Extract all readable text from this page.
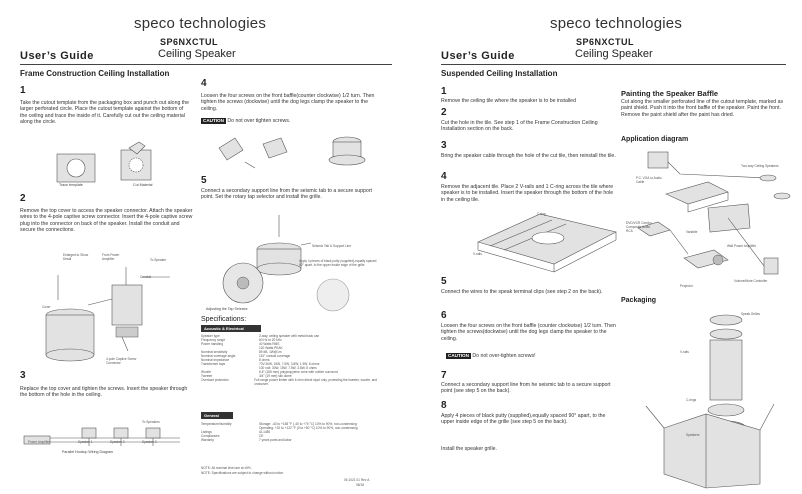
speco technologies
SP6NXCTUL
Ceiling Speaker
User’s Guide
Frame Construction Ceiling Installation
1
Take the cutout template from the packaging box and punch out along the larger perforated circle. Place the cutout template against the bottom of the ceiling and trace the inside of it. Carefully cut out the ceiling material along the circle.
Trace template	Cut Material
2
Remove the top cover to access the speaker connector. Attach the speaker wires to the 4-pole captive screw connector. Insert the 4-pole captive screw plug into the connector on back of the speaker. Install the conduit and secure the connections.
Enlarged to Show Detail
From Power Amplifier	To Speaker
Conduit
Cover
4-pole Captive Screw Connector
3
Replace the top cover and tighten the screws. Insert the speaker through the bottom of the hole in the ceiling.
To Speakers
Power Amplifier	Speaker 1	Speaker 2	Speaker 3
Parallel Hookup Wiring Diagram
4
Loosen the four screws on the front baffle(counter clockwise) 1/2 turn. Then tighten the screws (dockwise) until the dog legs clamp the speaker to the ceiling.
CAUTION Do not over tighten screws.
5
Connect a secondary support line from the seismic tab to a secure support point. Set the rotary tap selector and install the grille.
Seismic Tab & Support Line
Apply 4 pieces of black putty (supplied),equally spaced 90° apart, to the upper inside edge of the grille.
Adjusting the Tap Selector
Specifications:
Acoustic & Electrical
Speaker type	2-way, ceiling speaker with metal back can
Frequency range	60 Hz to 20 kHz
Power handling	40 Watts RMS
120 Watts PEAK
Nominal sensitivity	89 dB, 1W@1m
Nominal coverage angle	110° conical coverage
Nominal impedance	8 ohms
Transformer taps	70V:30W, 15W, 7.5W, 3.8W, 1.9W, 8 ohms
100 volt: 30W, 15W, 7.5W, 3.8W, 8 ohms
Woofer	6.5" (165 mm) polypropylene cone with rubber surround
Tweeter	3/4" (19 mm) silk dome
Overload protection	Full range power limiter with 6 ohm direct input only, protecting the tweeter, woofer, and crossover.
General
Temperature/humidity	Storage: -40 to +158 °F (-40 to +70 °C) 10% to 90%, non-condensing
Operating: +32 to +122 °F (0 to +50 °C) 10% to 90%, non-condensing
Listings	UL1480
Compliances	CE
Warranty	7 years parts and labor
NOTE: All nominal level are at ±5%.
NOTE: Specifications are subject to change without notice.
06 1021 01 Rev A
08/18
speco technologies
SP6NXCTUL
Ceiling Speaker
User’s Guide
Suspended Ceiling Installation
1
Remove the ceiling tile where the speaker is to be installed
2
Cut the hole in the tile. See step 1 of the Frame Construction Ceiling Installation section on the back.
3
Bring the speaker cable through the hole of the cut tile, then reinstall the tile.
4
Remove the adjacent tile. Place 2 V-rails and 1 C-ring across the tile where speaker is to be installed. Insert the speaker through the bottom of the hole in the ceiling tile.
C-ring
V-rails
5
Connect the wires to the speak terminal clips (see step 2 on the back).
6
Loosen the four screws on the front baffle (counter clockwise) 1/2 turn. Then tighten the screws(dockwise) until the dog legs clamp the speaker to the ceiling.
CAUTION Do not over-tighten screws!
7
Connect a secondary support line from he seismic tab to a secure support point (see step 5 on the back).
8
Apply 4 pieces of black putty (supplied),equally spaced 90° apart, to the upper inside edge of the grille (see step 5 on the back).
Install the speaker grille.
Painting the Speaker Baffle
Cut along the smaller perforated line of the cutout template, marked as paint shield. Push it into the front baffle of the speaker. Paint the front. Remove the paint shield after the paint has dried.
Application diagram
P.C. VGA or Audio Cable
Two-way Ceiling Speakers
DVD/VCR Combo Composite Audio RCA	Variable
Wall Power Amplifier
Projector
Volume/Mute Controller
Packaging
Speak Grilles
V-rails
C-rings
Speakers
